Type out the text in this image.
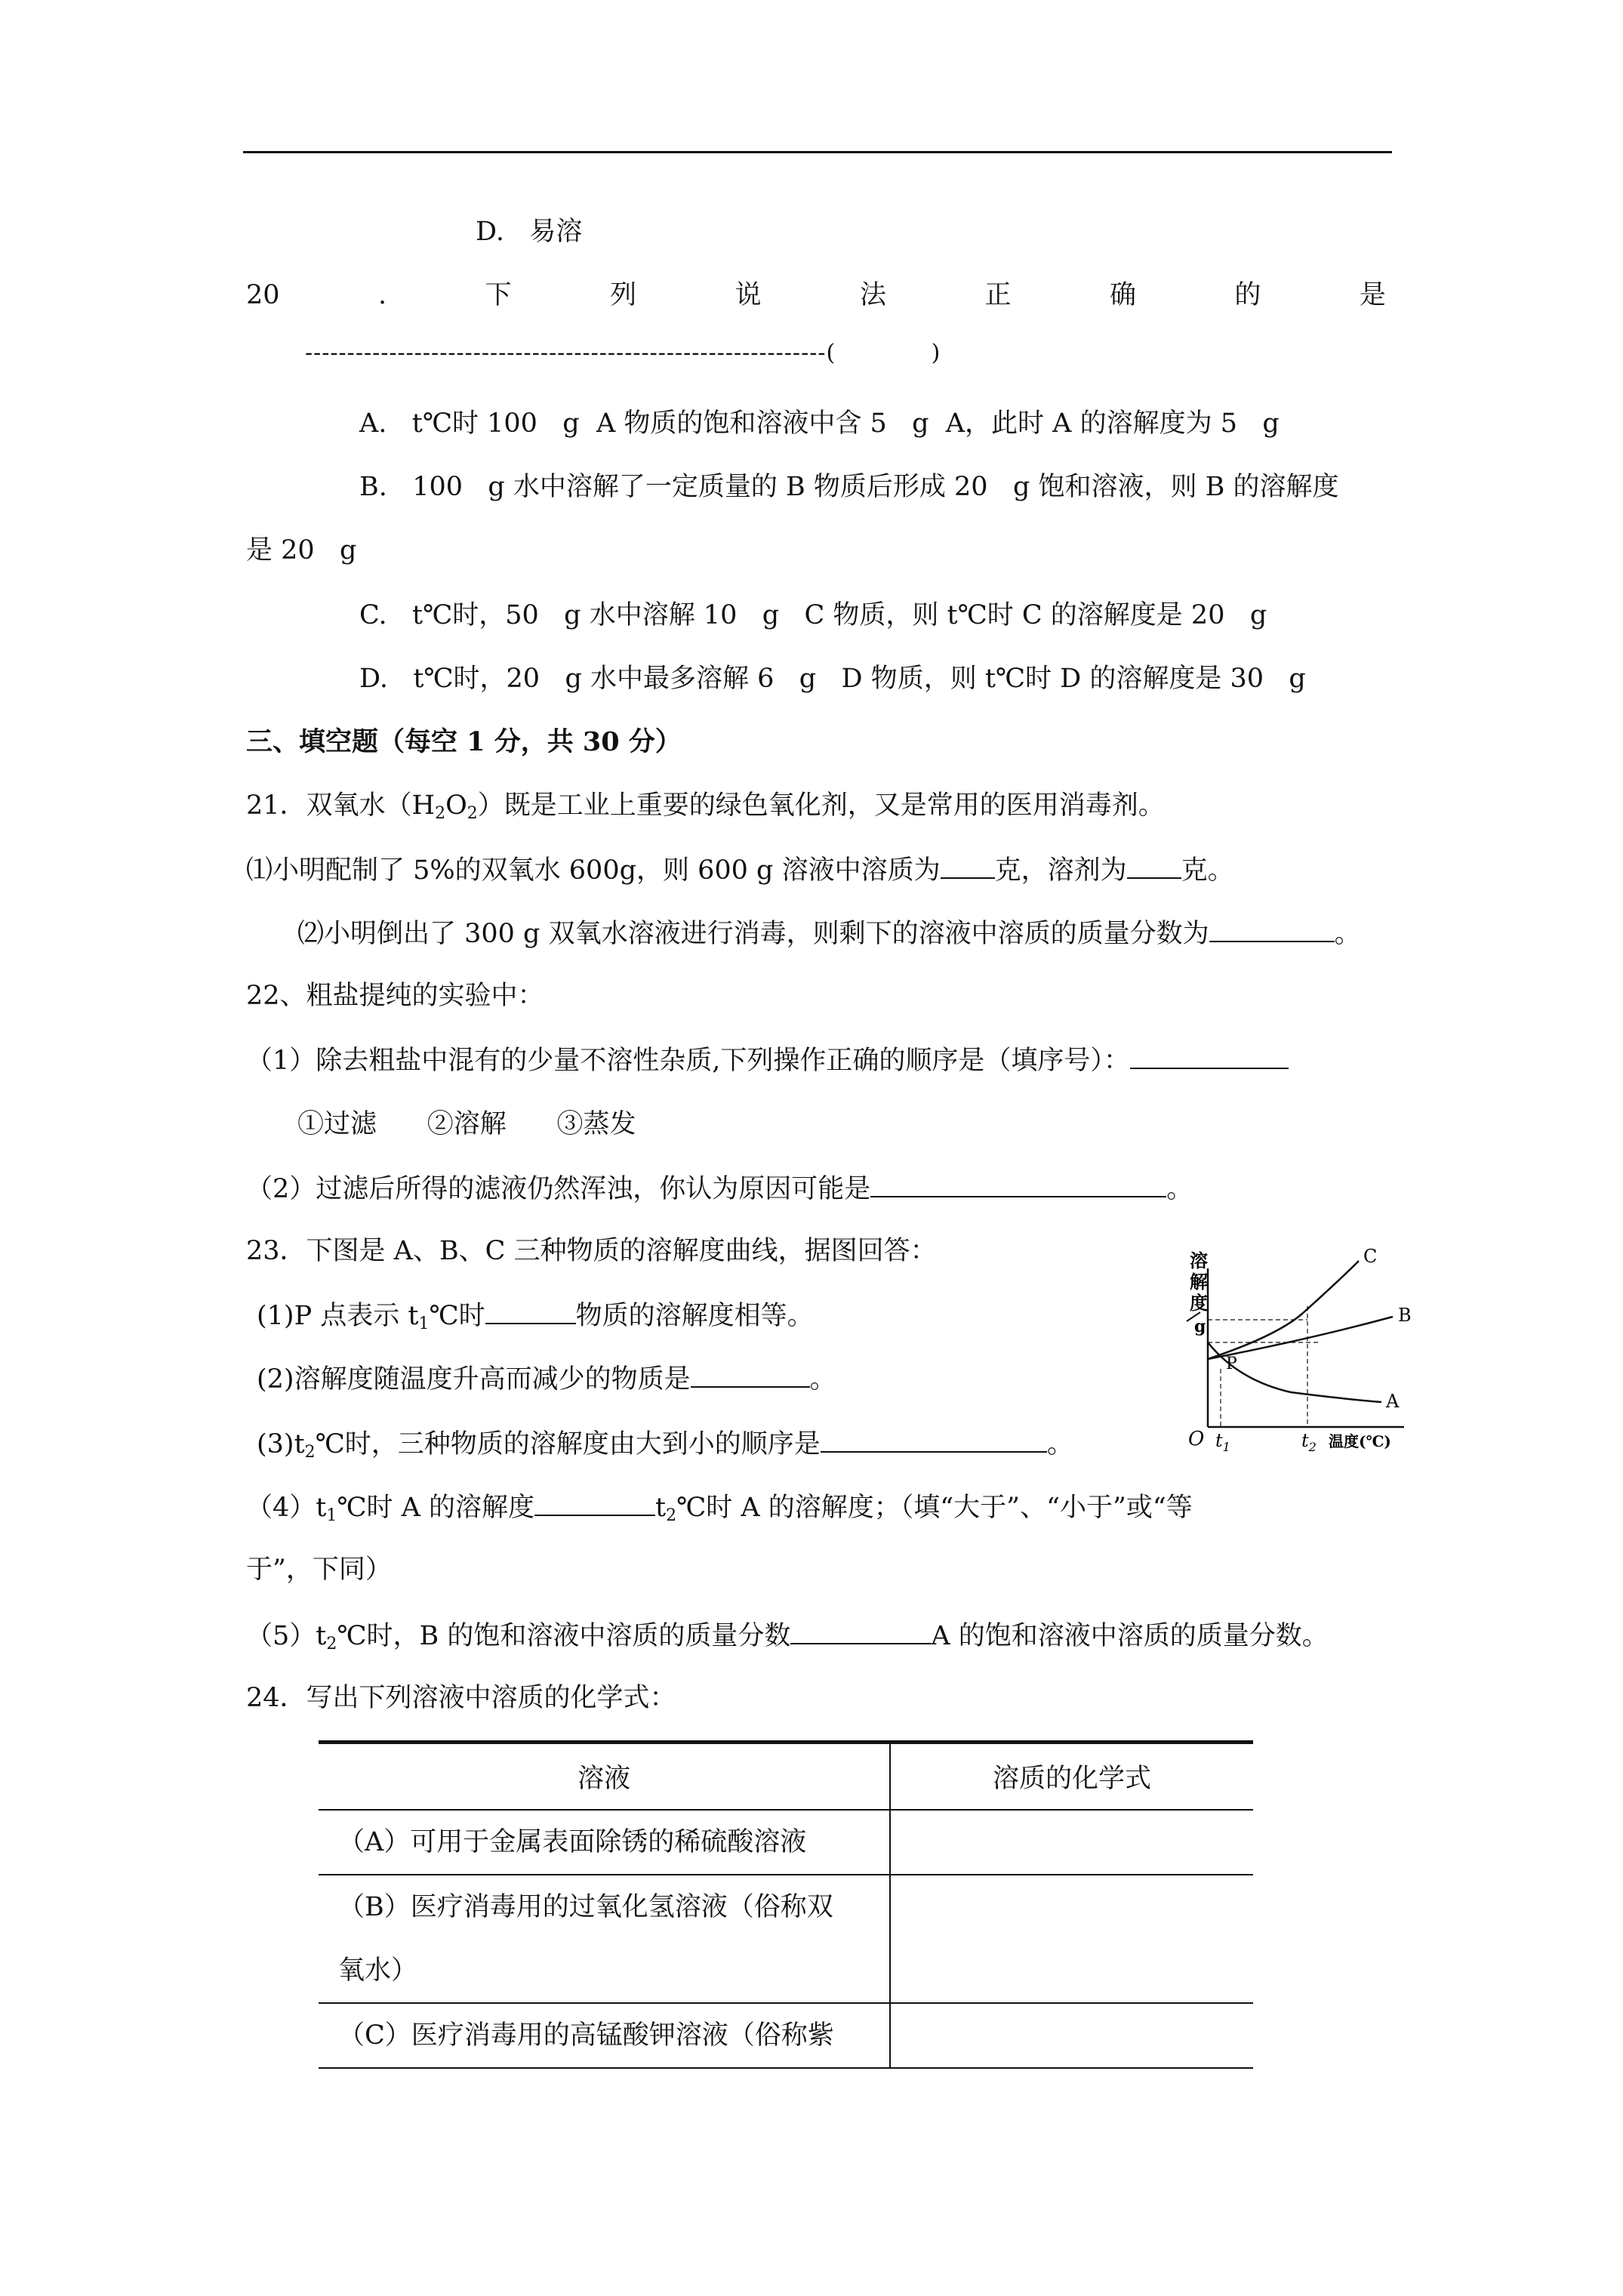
D.   易溶
20	.	下	列	说	法	正	确	的	是
--------------------------------------------------------------(            )
A.   t℃时 100   g  A 物质的饱和溶液中含 5   g  A，此时 A 的溶解度为 5   g
B.   100   g 水中溶解了一定质量的 B 物质后形成 20   g 饱和溶液，则 B 的溶解度
是 20   g
C.   t℃时，50   g 水中溶解 10   g   C 物质，则 t℃时 C 的溶解度是 20   g
D.   t℃时，20   g 水中最多溶解 6   g   D 物质，则 t℃时 D 的溶解度是 30   g
三、填空题（每空 1 分，共 30 分）
21．双氧水$(H_2O_2)$既是工业上重要的绿色氧化剂，又是常用的医用消毒剂。
⑴小明配制了 5%的双氧水 600g，则 600 g 溶液中溶质为 克，溶剂为 克。
⑵小明倒出了 300 g 双氧水溶液进行消毒，则剩下的溶液中溶质的质量分数为	。
22、粗盐提纯的实验中：
（1）除去粗盐中混有的少量不溶性杂质,下列操作正确的顺序是（填序号）：
①过滤      ②溶解      ③蒸发
（2）过滤后所得的滤液仍然浑浊，你认为原因可能是	。
23．下图是 A、B、C 三种物质的溶解度曲线，据图回答：
(1)P 点表示 $t_1℃$时	物质的溶解度相等。
(2)溶解度随温度升高而减少的物质是	。
$(3)t_2℃$时，三种物质的溶解度由大到小的顺序是	。
$(4)t_1℃$时 A 的溶解度	$t_2℃$时 A 的溶解度；（填“大于”、“小于”或“等
于”，下同）
$(5)t_2℃$时，B 的饱和溶液中溶质的质量分数	A 的饱和溶液中溶质的质量分数。
溶
解
度
g
C
B
A
P
O $t_1$	$t_2$ 温度(℃)
24．写出下列溶液中溶质的化学式：
溶液	溶质的化学式
（A）可用于金属表面除锈的稀硫酸溶液	
（B）医疗消毒用的过氧化氢溶液（俗称双
氧水）	
（C）医疗消毒用的高锰酸钾溶液（俗称紫	
